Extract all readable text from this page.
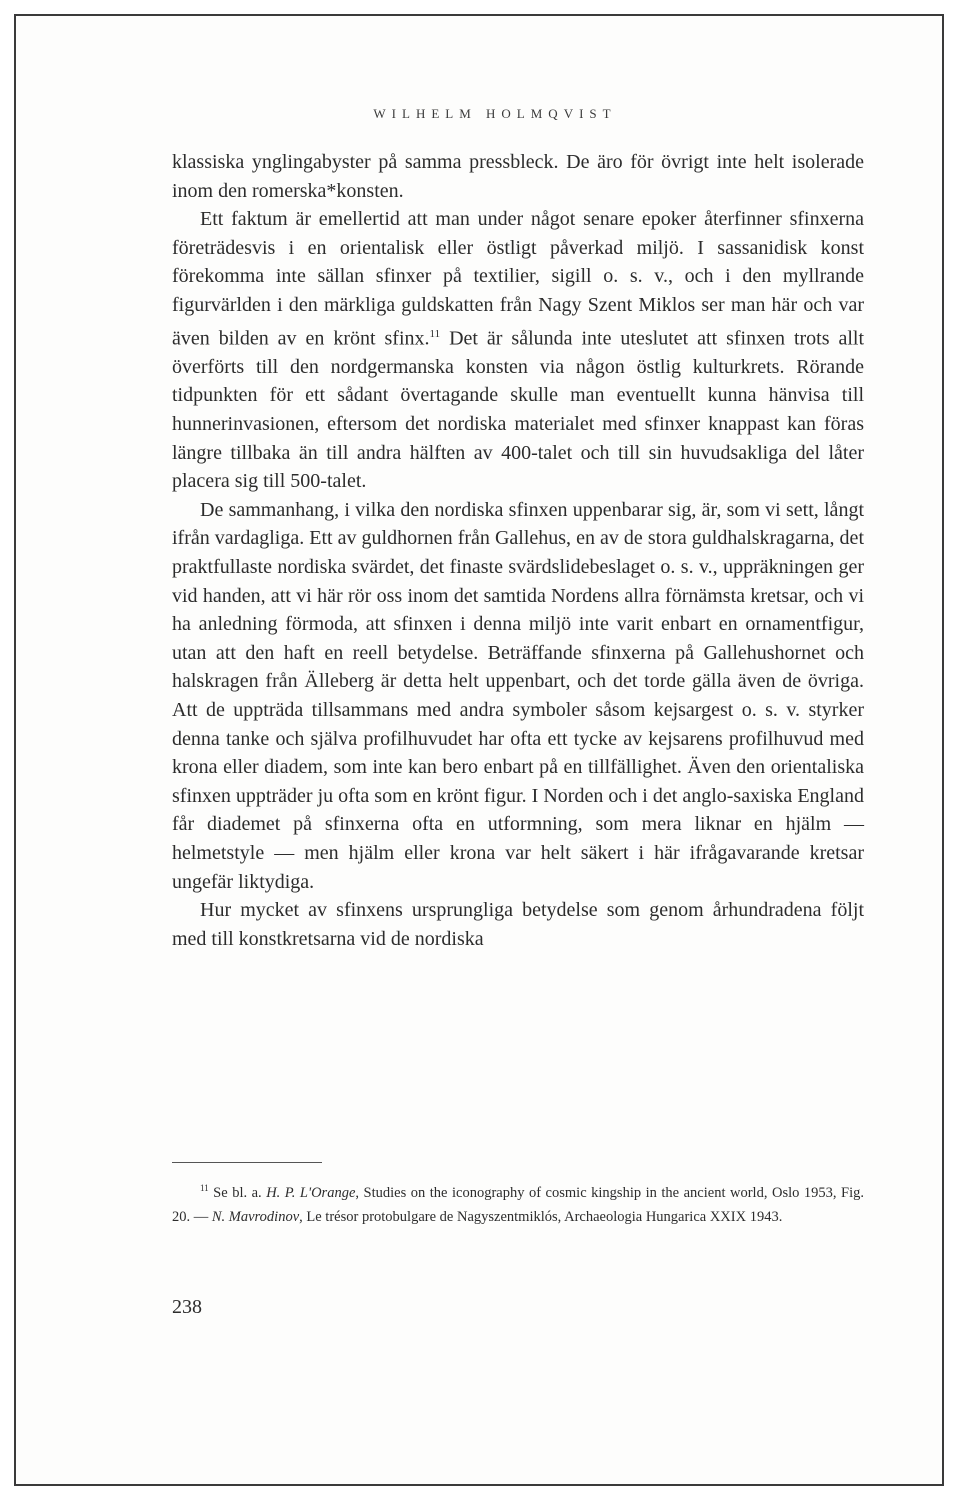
WILHELM HOLMQVIST

klassiska ynglingabyster på samma pressbleck. De äro för övrigt inte helt isolerade inom den romerska*konsten.

Ett faktum är emellertid att man under något senare epoker återfinner sfinxerna företrädesvis i en orientalisk eller östligt påverkad miljö. I sassanidisk konst förekomma inte sällan sfinxer på textilier, sigill o. s. v., och i den myllrande figurvärlden i den märkliga guldskatten från Nagy Szent Miklos ser man här och var även bilden av en krönt sfinx.$^{11}$ Det är sålunda inte uteslutet att sfinxen trots allt överförts till den nordgermanska konsten via någon östlig kulturkrets. Rörande tidpunkten för ett sådant övertagande skulle man eventuellt kunna hänvisa till hunnerinvasionen, eftersom det nordiska materialet med sfinxer knappast kan föras längre tillbaka än till andra hälften av 400-talet och till sin huvudsakliga del låter placera sig till 500-talet.

De sammanhang, i vilka den nordiska sfinxen uppenbarar sig, är, som vi sett, långt ifrån vardagliga. Ett av guldhornen från Gallehus, en av de stora guldhalskragarna, det praktfullaste nordiska svärdet, det finaste svärdslidebeslaget o. s. v., uppräkningen ger vid handen, att vi här rör oss inom det samtida Nordens allra förnämsta kretsar, och vi ha anledning förmoda, att sfinxen i denna miljö inte varit enbart en ornamentfigur, utan att den haft en reell betydelse. Beträffande sfinxerna på Gallehushornet och halskragen från Älleberg är detta helt uppenbart, och det torde gälla även de övriga. Att de uppträda tillsammans med andra symboler såsom kejsargest o. s. v. styrker denna tanke och själva profilhuvudet har ofta ett tycke av kejsarens profilhuvud med krona eller diadem, som inte kan bero enbart på en tillfällighet. Även den orientaliska sfinxen uppträder ju ofta som en krönt figur. I Norden och i det anglo-saxiska England får diademet på sfinxerna ofta en utformning, som mera liknar en hjälm — helmetstyle — men hjälm eller krona var helt säkert i här ifrågavarande kretsar ungefär liktydiga.

Hur mycket av sfinxens ursprungliga betydelse som genom århundradena följt med till konstkretsarna vid de nordiska

$^{11}$ Se bl. a. H. P. L'Orange, Studies on the iconography of cosmic kingship in the ancient world, Oslo 1953, Fig. 20. — N. Mavrodinov, Le trésor protobulgare de Nagyszentmiklós, Archaeologia Hungarica XXIX 1943.
238
